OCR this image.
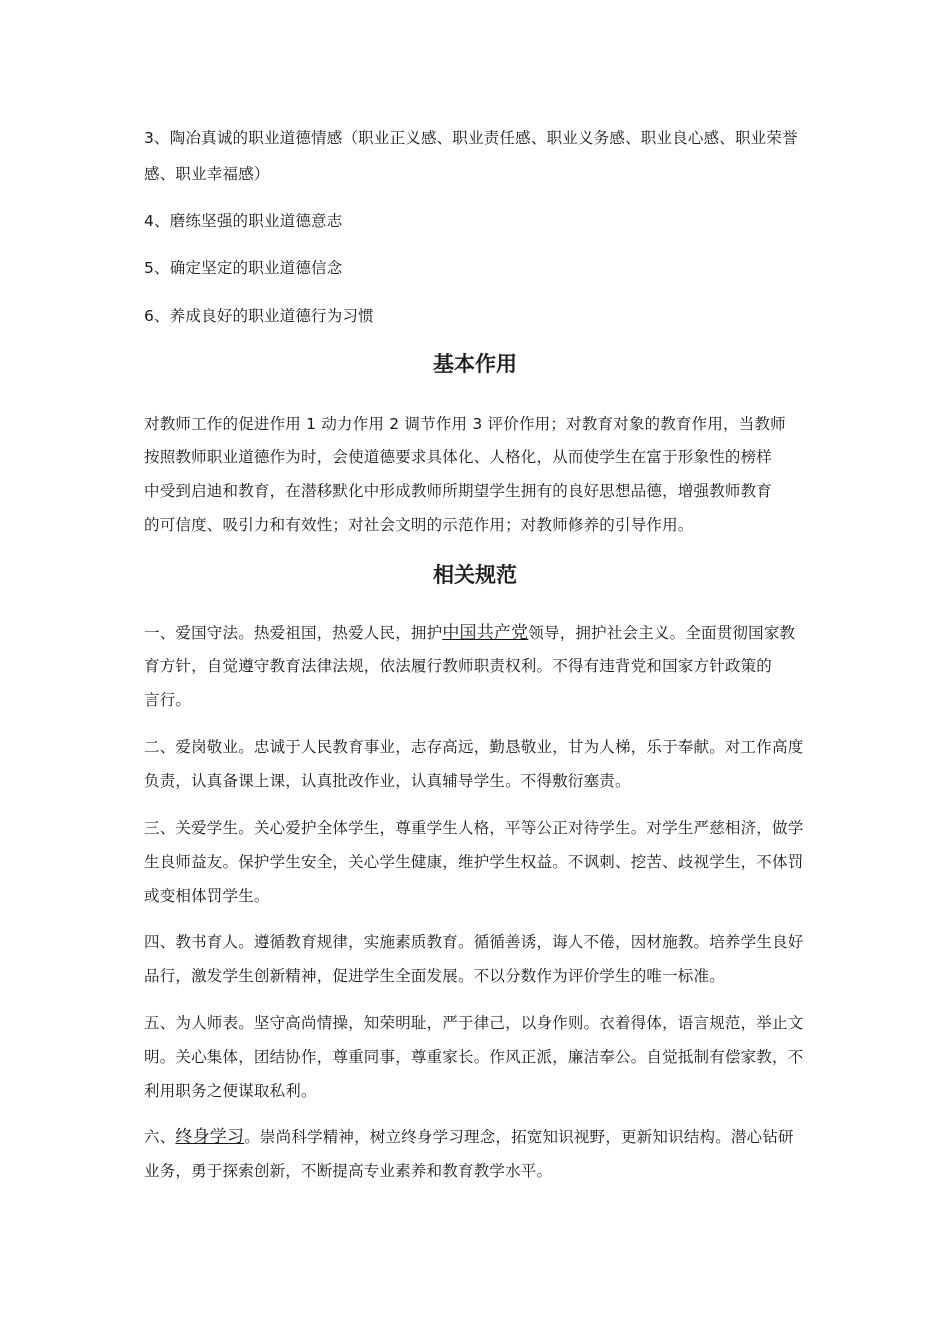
3、陶冶真诚的职业道德情感（职业正义感、职业责任感、职业义务感、职业良心感、职业荣誉
感、职业幸福感）
4、磨练坚强的职业道德意志
5、确定坚定的职业道德信念
6、养成良好的职业道德行为习惯
基本作用
对教师工作的促进作用 1 动力作用 2 调节作用 3 评价作用；对教育对象的教育作用，当教师
按照教师职业道德作为时，会使道德要求具体化、人格化，从而使学生在富于形象性的榜样
中受到启迪和教育，在潜移默化中形成教师所期望学生拥有的良好思想品德，增强教师教育
的可信度、吸引力和有效性；对社会文明的示范作用；对教师修养的引导作用。
相关规范
一、爱国守法。热爱祖国，热爱人民，拥护中国共产党领导，拥护社会主义。全面贯彻国家教
育方针，自觉遵守教育法律法规，依法履行教师职责权利。不得有违背党和国家方针政策的
言行。
二、爱岗敬业。忠诚于人民教育事业，志存高远，勤恳敬业，甘为人梯，乐于奉献。对工作高度
负责，认真备课上课，认真批改作业，认真辅导学生。不得敷衍塞责。
三、关爱学生。关心爱护全体学生，尊重学生人格，平等公正对待学生。对学生严慈相济，做学
生良师益友。保护学生安全，关心学生健康，维护学生权益。不讽刺、挖苦、歧视学生，不体罚
或变相体罚学生。
四、教书育人。遵循教育规律，实施素质教育。循循善诱，诲人不倦，因材施教。培养学生良好
品行，激发学生创新精神，促进学生全面发展。不以分数作为评价学生的唯一标准。
五、为人师表。坚守高尚情操，知荣明耻，严于律己，以身作则。衣着得体，语言规范，举止文
明。关心集体，团结协作，尊重同事，尊重家长。作风正派，廉洁奉公。自觉抵制有偿家教，不
利用职务之便谋取私利。
六、终身学习。崇尚科学精神，树立终身学习理念，拓宽知识视野，更新知识结构。潜心钻研
业务，勇于探索创新，不断提高专业素养和教育教学水平。
